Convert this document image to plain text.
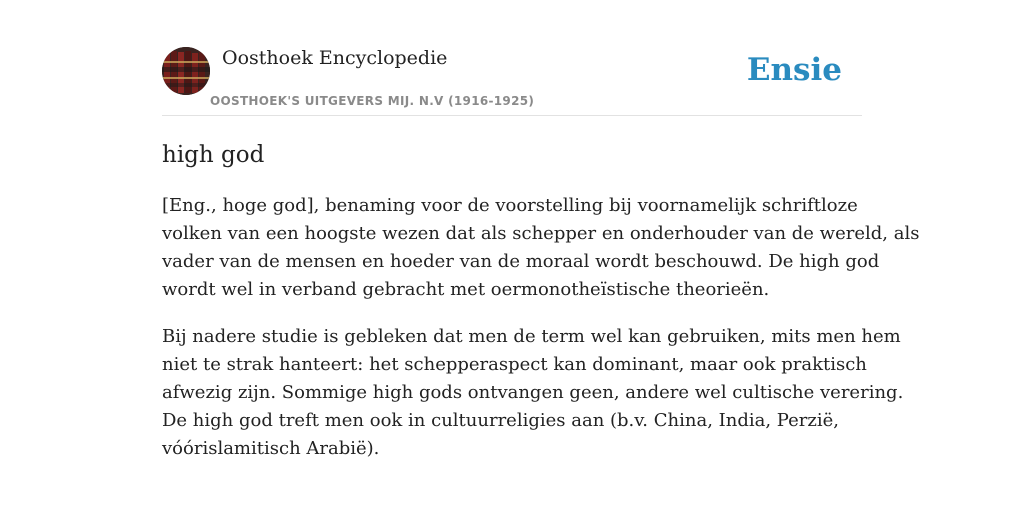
Oosthoek Encyclopedie
OOSTHOEK'S UITGEVERS MIJ. N.V (1916-1925)
Ensie
high god

[Eng., hoge god], benaming voor de voorstelling bij voornamelijk schriftloze
volken van een hoogste wezen dat als schepper en onderhouder van de wereld, als
vader van de mensen en hoeder van de moraal wordt beschouwd. De high god
wordt wel in verband gebracht met oermonotheïstische theorieën.

Bij nadere studie is gebleken dat men de term wel kan gebruiken, mits men hem
niet te strak hanteert: het schepperaspect kan dominant, maar ook praktisch
afwezig zijn. Sommige high gods ontvangen geen, andere wel cultische verering.
De high god treft men ook in cultuurreligies aan (b.v. China, India, Perzië,
vóórislamitisch Arabië).
